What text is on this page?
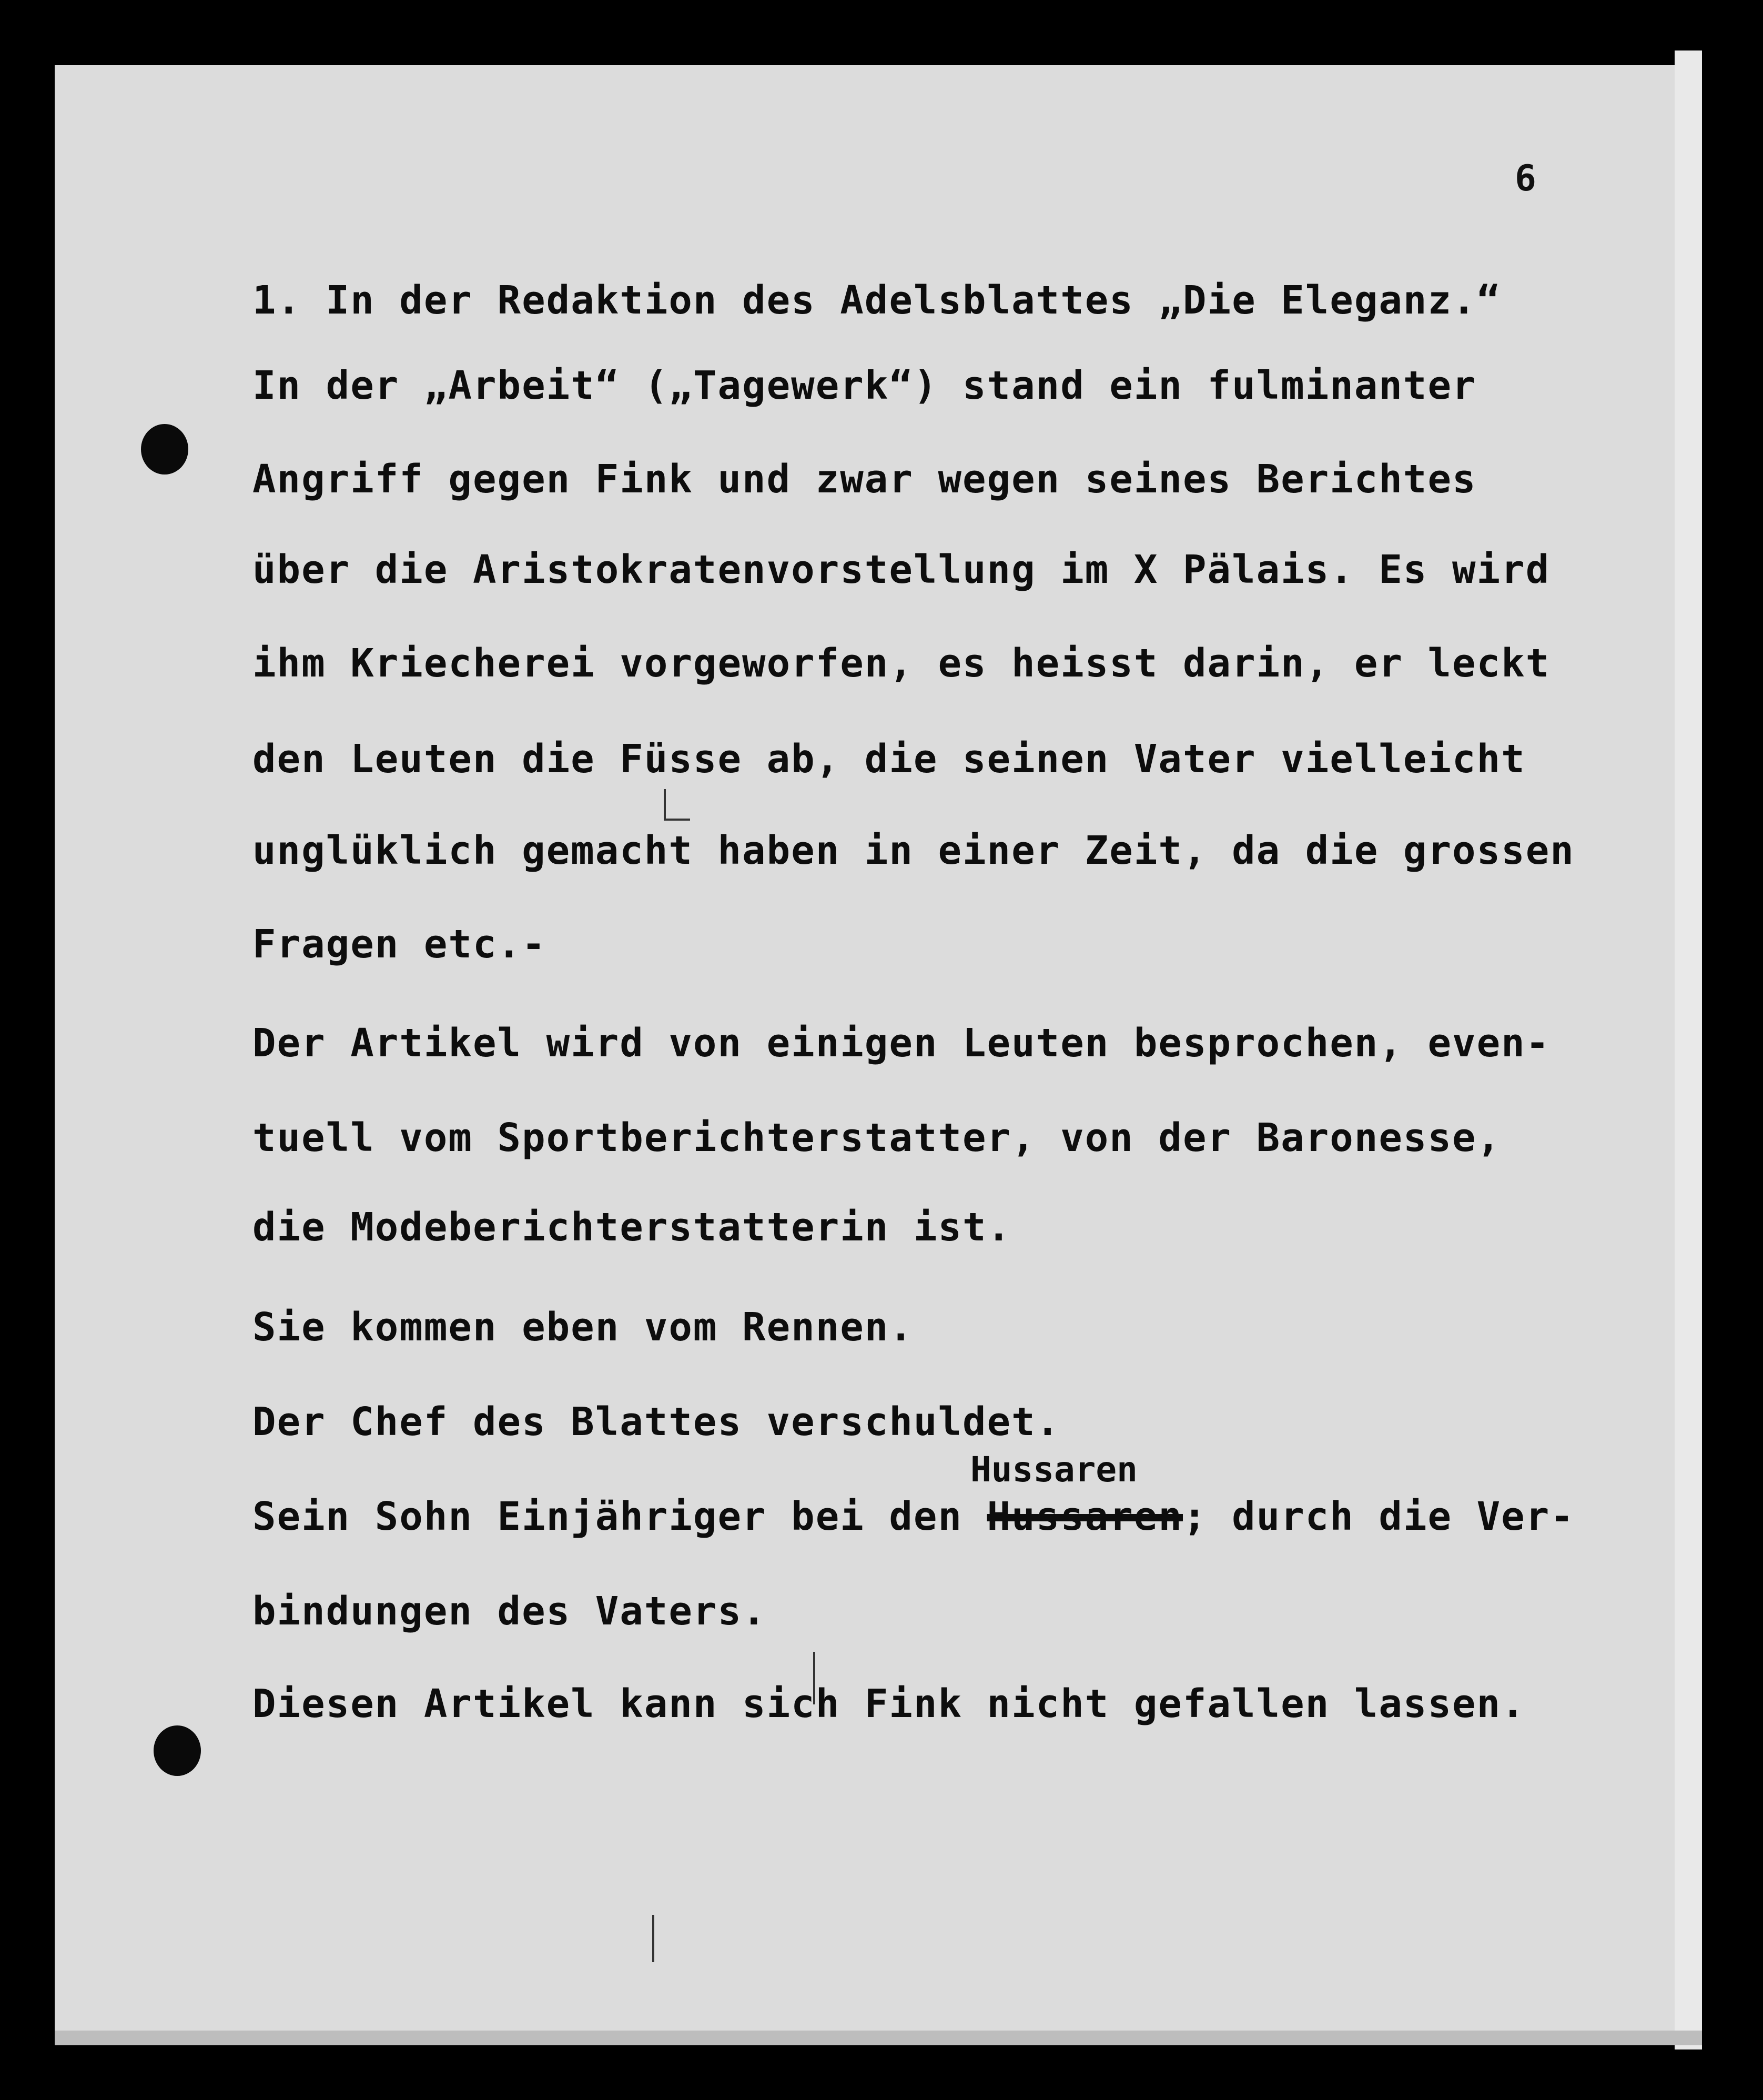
6
1. In der Redaktion des Adelsblattes „Die Eleganz.“
In der „Arbeit“ („Tagewerk“) stand ein fulminanter
Angriff gegen Fink und zwar wegen seines Berichtes
über die Aristokratenvorstellung im X Pälais. Es wird
ihm Kriecherei vorgeworfen, es heisst darin, er leckt
den Leuten die Füsse ab, die seinen Vater vielleicht
unglüklich gemacht haben in einer Zeit, da die grossen
Fragen etc.-
Der Artikel wird von einigen Leuten besprochen, even-
tuell vom Sportberichterstatter, von der Baronesse,
die Modeberichterstatterin ist.
Sie kommen eben vom Rennen.
Der Chef des Blattes verschuldet.
Hussaren
Sein Sohn Einjähriger bei den Hussaren; durch die Ver-
bindungen des Vaters.
Diesen Artikel kann sich Fink nicht gefallen lassen.
